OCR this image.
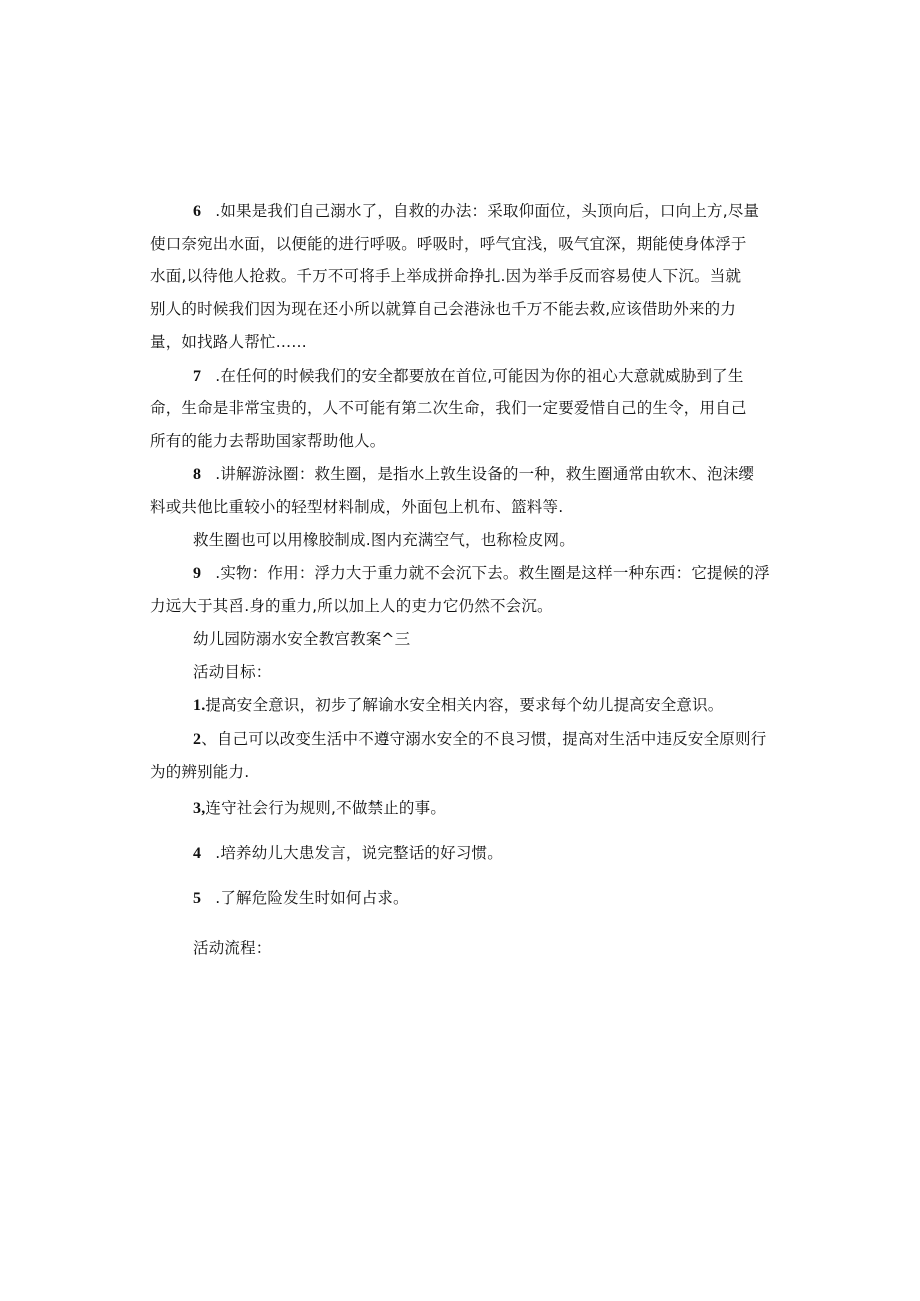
6 .如果是我们自己溺水了，自救的办法：采取仰面位，头顶向后，口向上方,尽量
使口奈宛出水面，以便能的进行呼吸。呼吸时，呼气宜浅，吸气宜深，期能使身体浮于
水面,以待他人抢救。千万不可将手上举成拼命挣扎.因为举手反而容易使人下沉。当就
别人的时候我们因为现在还小所以就算自己会港泳也千万不能去救,应该借助外来的力
量，如找路人帮忙……
7 .在任何的时候我们的安全都要放在首位,可能因为你的祖心大意就威胁到了生
命，生命是非常宝贵的，人不可能有第二次生命，我们一定要爱惜自己的生令，用自己
所有的能力去帮助国家帮助他人。
8 .讲解游泳圈：救生圈，是指水上敦生设备的一种，救生圈通常由软木、泡沫缨
料或共他比重较小的轻型材料制成，外面包上机布、篮料等.
救生圈也可以用橡胶制成.图内充满空气，也称检皮网。
9 .实物：作用：浮力大于重力就不会沉下去。救生圈是这样一种东西：它提候的浮
力远大于其舀.身的重力,所以加上人的吏力它仍然不会沉。
幼儿园防溺水安全教宫教案^三
活动目标：
1.提高安全意识，初步了解谕水安全相关内容，要求每个幼儿提高安全意识。
2、自己可以改变生活中不遵守溺水安全的不良习惯，提高对生活中违反安全原则行
为的辨别能力.
3,连守社会行为规则,不做禁止的事。
4 .培养幼儿大患发言，说完整话的好习惯。
5 .了解危险发生时如何占求。
活动流程：
